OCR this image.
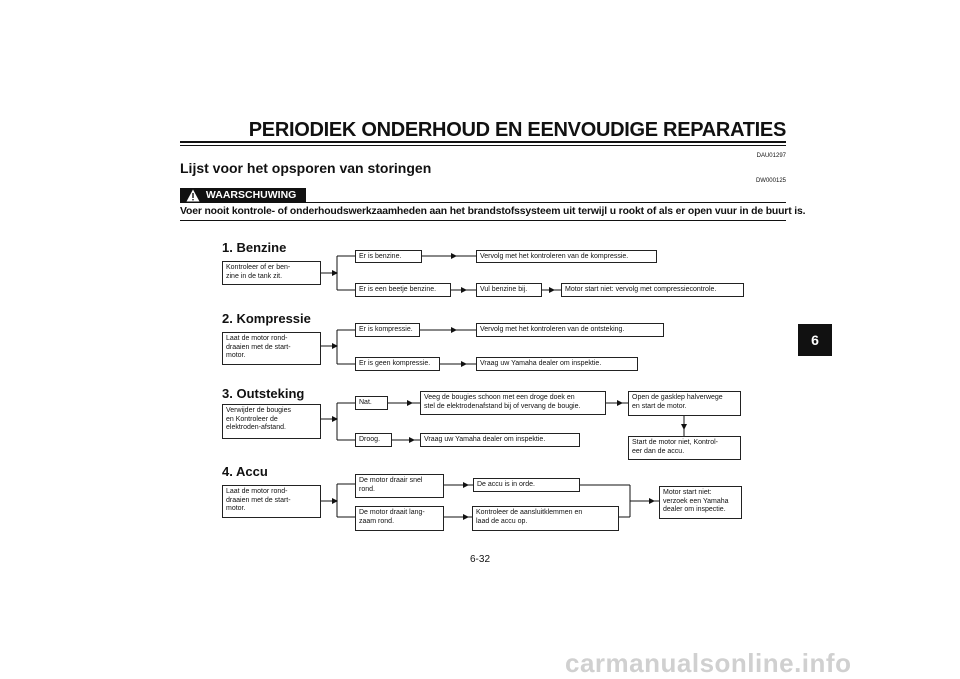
PERIODIEK ONDERHOUD EN EENVOUDIGE REPARATIES
DAU01297
Lijst voor het opsporen van storingen
DW000125
WAARSCHUWING
Voer nooit kontrole- of onderhoudswerkzaamheden aan het brandstofssysteem uit terwijl u rookt of als er open vuur in de buurt is.
6
1. Benzine
Kontroleer of er ben-
zine in de tank zit.
Er is benzine.	Vervolg met het kontroleren van de kompressie.
Er is een beetje benzine.	Vul benzine bij.	Motor start niet: vervolg met compressiecontrole.
2. Kompressie
Laat de motor rond-
draaien met de start-
motor.
Er is kompressie.	Vervolg met het kontroleren van de ontsteking.
Er is geen kompressie.	Vraag uw Yamaha dealer om inspektie.
3. Outsteking
Verwijder de bougies
en Kontroleer de
elektroden-afstand.
Nat.
Veeg de bougies schoon met een droge doek en
stel de elektrodenafstand bij of vervang de bougie.
Open de gasklep halverwege
en start de motor.
Start de motor niet, Kontrol-
eer dan de accu.
Droog.	Vraag uw Yamaha dealer om inspektie.
4. Accu
Laat de motor rond-
draaien met de start-
motor.
De motor draair snel
rond.
De accu is in orde.
De motor draait lang-
zaam rond.
Kontroleer de aansluitklemmen en
laad de accu op.
Motor start niet:
verzoek een Yamaha
dealer om inspectie.
6-32
carmanualsonline.info
